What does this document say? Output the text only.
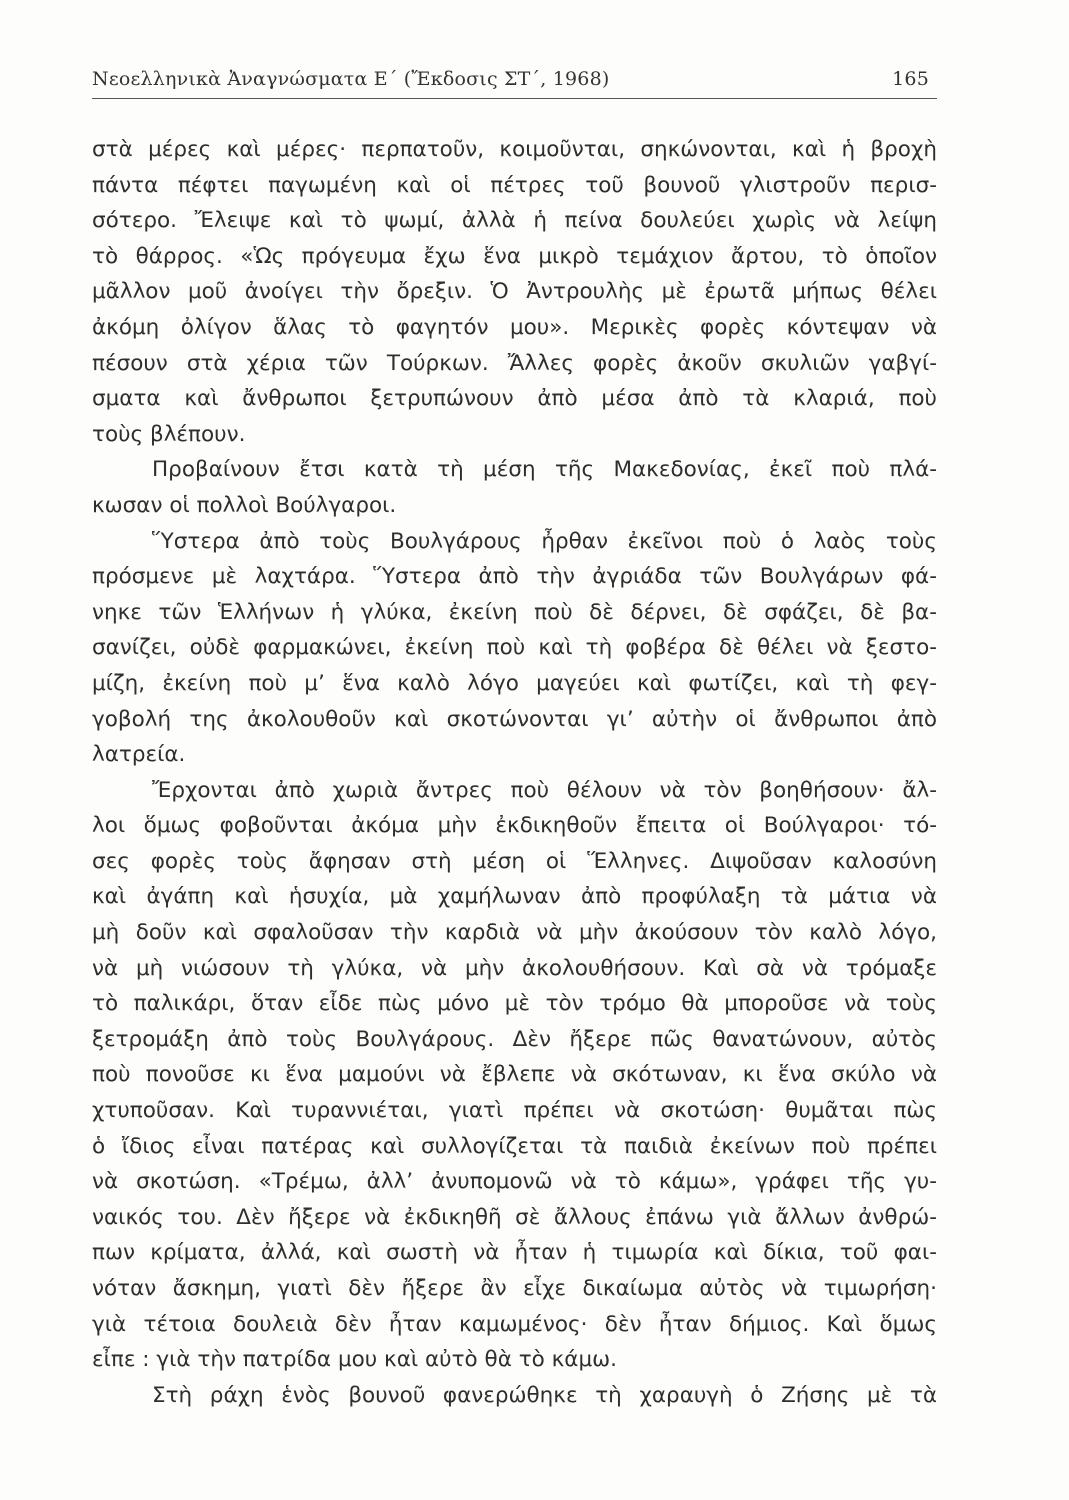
Νεοελληνικὰ Ἀναγνώσματα Ε΄ (Ἔκδοσις ΣΤ΄, 1968)	165
στὰ μέρες καὶ μέρες· περπατοῦν, κοιμοῦνται, σηκώνονται, καὶ ἡ βροχὴ
πάντα πέφτει παγωμένη καὶ οἱ πέτρες τοῦ βουνοῦ γλιστροῦν περισ-
σότερο. Ἔλειψε καὶ τὸ ψωμί, ἀλλὰ ἡ πείνα δουλεύει χωρὶς νὰ λείψη
τὸ θάρρος. «Ὡς πρόγευμα ἔχω ἕνα μικρὸ τεμάχιον ἄρτου, τὸ ὁποῖον
μᾶλλον μοῦ ἀνοίγει τὴν ὄρεξιν. Ὁ Ἀντρουλὴς μὲ ἐρωτᾶ μήπως θέλει
ἀκόμη ὀλίγον ἅλας τὸ φαγητόν μου». Μερικὲς φορὲς κόντεψαν νὰ
πέσουν στὰ χέρια τῶν Τούρκων. Ἄλλες φορὲς ἀκοῦν σκυλιῶν γαβγί-
σματα καὶ ἄνθρωποι ξετρυπώνουν ἀπὸ μέσα ἀπὸ τὰ κλαριά, ποὺ
τοὺς βλέπουν.
Προβαίνουν ἔτσι κατὰ τὴ μέση τῆς Μακεδονίας, ἐκεῖ ποὺ πλά-
κωσαν οἱ πολλοὶ Βούλγαροι.
Ὕστερα ἀπὸ τοὺς Βουλγάρους ἦρθαν ἐκεῖνοι ποὺ ὁ λαὸς τοὺς
πρόσμενε μὲ λαχτάρα. Ὕστερα ἀπὸ τὴν ἀγριάδα τῶν Βουλγάρων φά-
νηκε τῶν Ἑλλήνων ἡ γλύκα, ἐκείνη ποὺ δὲ δέρνει, δὲ σφάζει, δὲ βα-
σανίζει, οὐδὲ φαρμακώνει, ἐκείνη ποὺ καὶ τὴ φοβέρα δὲ θέλει νὰ ξεστο-
μίζη, ἐκείνη ποὺ μ’ ἕνα καλὸ λόγο μαγεύει καὶ φωτίζει, καὶ τὴ φεγ-
γοβολή της ἀκολουθοῦν καὶ σκοτώνονται γι’ αὐτὴν οἱ ἄνθρωποι ἀπὸ
λατρεία.
Ἔρχονται ἀπὸ χωριὰ ἄντρες ποὺ θέλουν νὰ τὸν βοηθήσουν· ἄλ-
λοι ὅμως φοβοῦνται ἀκόμα μὴν ἐκδικηθοῦν ἔπειτα οἱ Βούλγαροι· τό-
σες φορὲς τοὺς ἄφησαν στὴ μέση οἱ Ἕλληνες. Διψοῦσαν καλοσύνη
καὶ ἀγάπη καὶ ἡσυχία, μὰ χαμήλωναν ἀπὸ προφύλαξη τὰ μάτια νὰ
μὴ δοῦν καὶ σφαλοῦσαν τὴν καρδιὰ νὰ μὴν ἀκούσουν τὸν καλὸ λόγο,
νὰ μὴ νιώσουν τὴ γλύκα, νὰ μὴν ἀκολουθήσουν. Καὶ σὰ νὰ τρόμαξε
τὸ παλικάρι, ὅταν εἶδε πὼς μόνο μὲ τὸν τρόμο θὰ μποροῦσε νὰ τοὺς
ξετρομάξη ἀπὸ τοὺς Βουλγάρους. Δὲν ἤξερε πῶς θανατώνουν, αὐτὸς
ποὺ πονοῦσε κι ἕνα μαμούνι νὰ ἔβλεπε νὰ σκότωναν, κι ἕνα σκύλο νὰ
χτυποῦσαν. Καὶ τυραννιέται, γιατὶ πρέπει νὰ σκοτώση· θυμᾶται πὼς
ὁ ἴδιος εἶναι πατέρας καὶ συλλογίζεται τὰ παιδιὰ ἐκείνων ποὺ πρέπει
νὰ σκοτώση. «Τρέμω, ἀλλ’ ἀνυπομονῶ νὰ τὸ κάμω», γράφει τῆς γυ-
ναικός του. Δὲν ἤξερε νὰ ἐκδικηθῆ σὲ ἄλλους ἐπάνω γιὰ ἄλλων ἀνθρώ-
πων κρίματα, ἀλλά, καὶ σωστὴ νὰ ἦταν ἡ τιμωρία καὶ δίκια, τοῦ φαι-
νόταν ἄσκημη, γιατὶ δὲν ἤξερε ἂν εἶχε δικαίωμα αὐτὸς νὰ τιμωρήση·
γιὰ τέτοια δουλειὰ δὲν ἦταν καμωμένος· δὲν ἦταν δήμιος. Καὶ ὅμως
εἶπε : γιὰ τὴν πατρίδα μου καὶ αὐτὸ θὰ τὸ κάμω.
Στὴ ράχη ἑνὸς βουνοῦ φανερώθηκε τὴ χαραυγὴ ὁ Ζήσης μὲ τὰ
